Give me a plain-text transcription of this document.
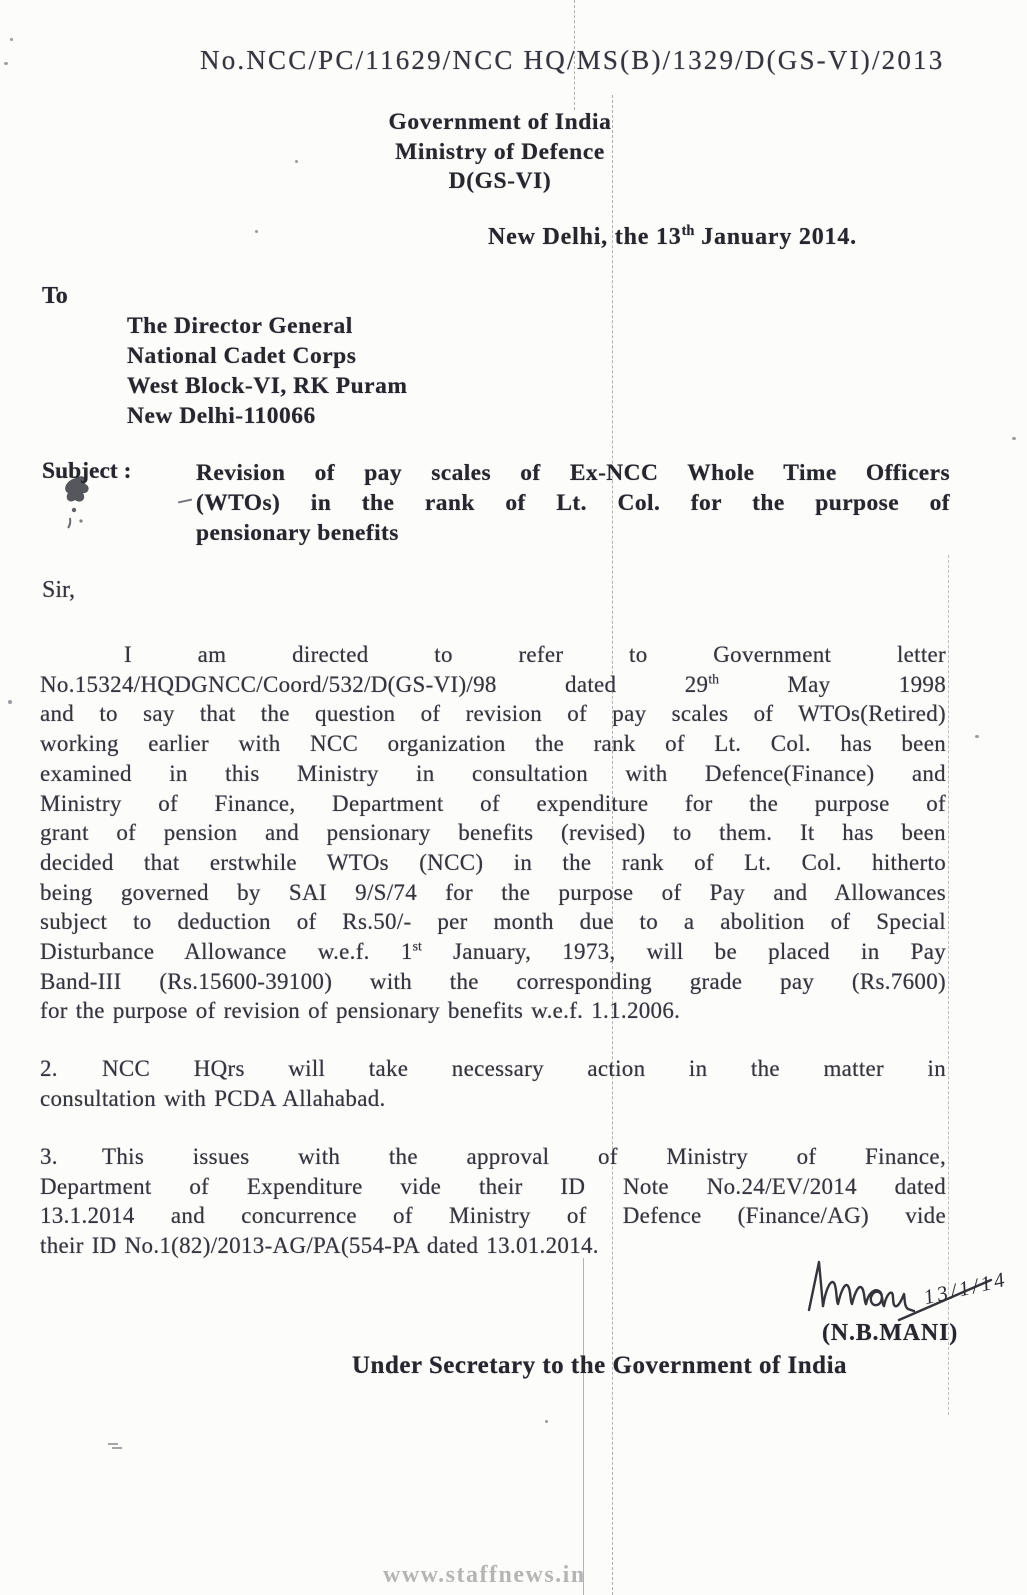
No.NCC/PC/11629/NCC HQ/MS(B)/1329/D(GS-VI)/2013
Government of India
Ministry of Defence
D(GS-VI)
New Delhi, the 13th January 2014.
To
The Director General
National Cadet Corps
West Block-VI, RK Puram
New Delhi-110066
Subject :	Revision of pay scales of Ex-NCC Whole Time Officers
(WTOs) in the rank of Lt. Col. for the purpose of
pensionary benefits
Sir,
I am directed to refer to Government letter
No.15324/HQDGNCC/Coord/532/D(GS-VI)/98 dated 29th May 1998
and to say that the question of revision of pay scales of WTOs(Retired)
working earlier with NCC organization the rank of Lt. Col. has been
examined in this Ministry in consultation with Defence(Finance) and
Ministry of Finance, Department of expenditure for the purpose of
grant of pension and pensionary benefits (revised) to them. It has been
decided that erstwhile WTOs (NCC) in the rank of Lt. Col. hitherto
being governed by SAI 9/S/74 for the purpose of Pay and Allowances
subject to deduction of Rs.50/- per month due to a abolition of Special
Disturbance Allowance w.e.f. 1st January, 1973, will be placed in Pay
Band-III (Rs.15600-39100) with the corresponding grade pay (Rs.7600)
for the purpose of revision of pensionary benefits w.e.f. 1.1.2006.
2. NCC HQrs will take necessary action in the matter in
consultation with PCDA Allahabad.
3. This issues with the approval of Ministry of Finance,
Department of Expenditure vide their ID Note No.24/EV/2014 dated
13.1.2014 and concurrence of Ministry of Defence (Finance/AG) vide
their ID No.1(82)/2013-AG/PA(554-PA dated 13.01.2014.
13/1/14
(N.B.MANI)
Under Secretary to the Government of India
www.staffnews.in
